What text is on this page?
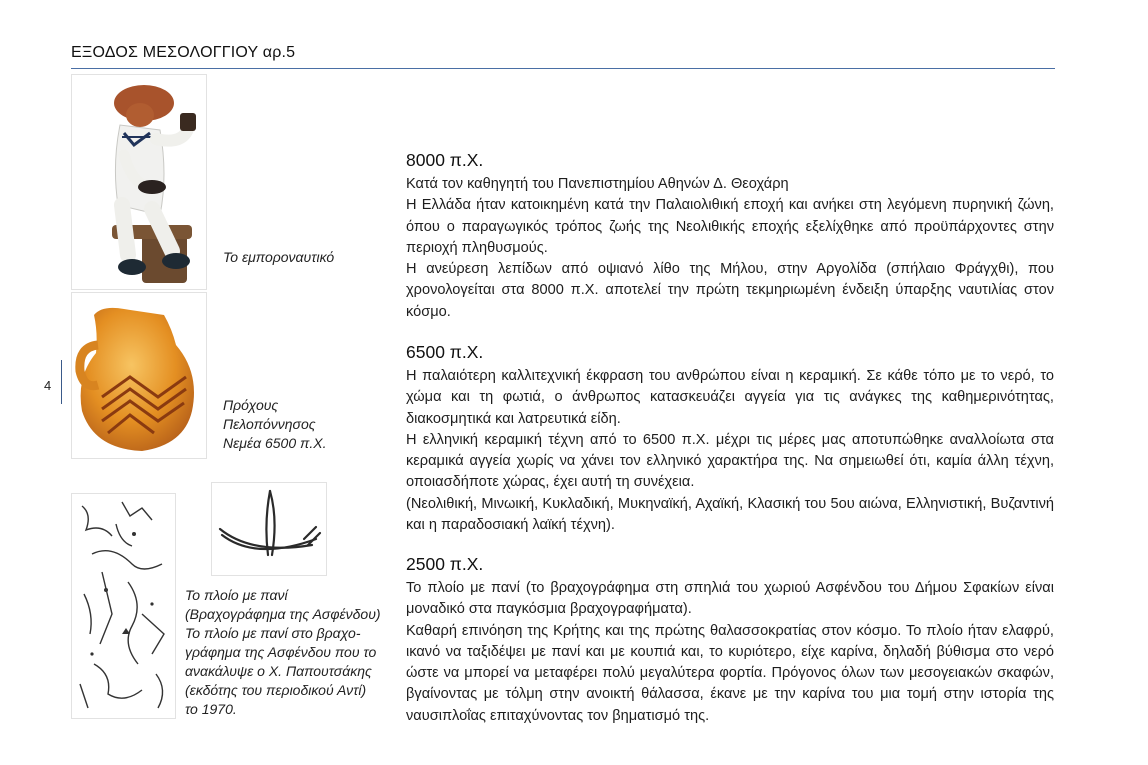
ΕΞΟΔΟΣ ΜΕΣΟΛΟΓΓΙΟΥ αρ.5
4
Το εμποροναυτικό
Πρόχους
Πελοπόννησος
Νεμέα 6500 π.Χ.
Το πλοίο με πανί
(Βραχογράφημα της Ασφένδου)
Το πλοίο με πανί στο βραχο-
γράφημα της Ασφένδου που το
ανακάλυψε ο Χ. Παπουτσάκης
(εκδότης του περιοδικού Αντί)
το 1970.
8000 π.Χ.

Κατά τον καθηγητή του Πανεπιστημίου Αθηνών Δ. Θεοχάρη

Η Ελλάδα ήταν κατοικημένη κατά την Παλαιολιθική εποχή και ανήκει στη λεγόμενη πυρηνική ζώνη, όπου ο παραγωγικός τρόπος ζωής της Νεολιθικής εποχής εξελίχθηκε από προϋπάρχοντες στην περιοχή πληθυσμούς.

Η ανεύρεση λεπίδων από οψιανό λίθο της Μήλου, στην Αργολίδα (σπήλαιο Φράγχθι), που χρονολογείται στα 8000 π.Χ. αποτελεί την πρώτη τεκμηριωμένη ένδειξη ύπαρξης ναυτιλίας στον κόσμο.

6500 π.Χ.

Η παλαιότερη καλλιτεχνική έκφραση του ανθρώπου είναι η κεραμική. Σε κάθε τόπο με το νερό, το χώμα και τη φωτιά, ο άνθρωπος κατασκευάζει αγγεία για τις ανάγκες της καθημερινότητας, διακοσμητικά και λατρευτικά είδη.

Η ελληνική κεραμική τέχνη από το 6500 π.Χ. μέχρι τις μέρες μας αποτυπώθηκε αναλλοίωτα στα κεραμικά αγγεία χωρίς να χάνει τον ελληνικό χαρακτήρα της. Να σημειωθεί ότι, καμία άλλη τέχνη, οποιασδήποτε χώρας, έχει αυτή τη συνέχεια.

(Νεολιθική, Μινωική, Κυκλαδική, Μυκηναϊκή, Αχαϊκή, Κλασική του 5ου αιώνα, Ελληνιστική, Βυζαντινή και η παραδοσιακή λαϊκή τέχνη).

2500 π.Χ.

Το πλοίο με πανί (το βραχογράφημα στη σπηλιά του χωριού Ασφένδου του Δήμου Σφακίων είναι μοναδικό στα παγκόσμια βραχογραφήματα).

Καθαρή επινόηση της Κρήτης και της πρώτης θαλασσοκρατίας στον κόσμο. Το πλοίο ήταν ελαφρύ, ικανό να ταξιδέψει με πανί και με κουπιά και, το κυριότερο, είχε καρίνα, δηλαδή βύθισμα στο νερό ώστε να μπορεί να μεταφέρει πολύ μεγαλύτερα φορτία. Πρόγονος όλων των μεσογειακών σκαφών, βγαίνοντας με τόλμη στην ανοικτή θάλασσα, έκανε με την καρίνα του μια τομή στην ιστορία της ναυσιπλοΐας επιταχύνοντας τον βηματισμό της.
